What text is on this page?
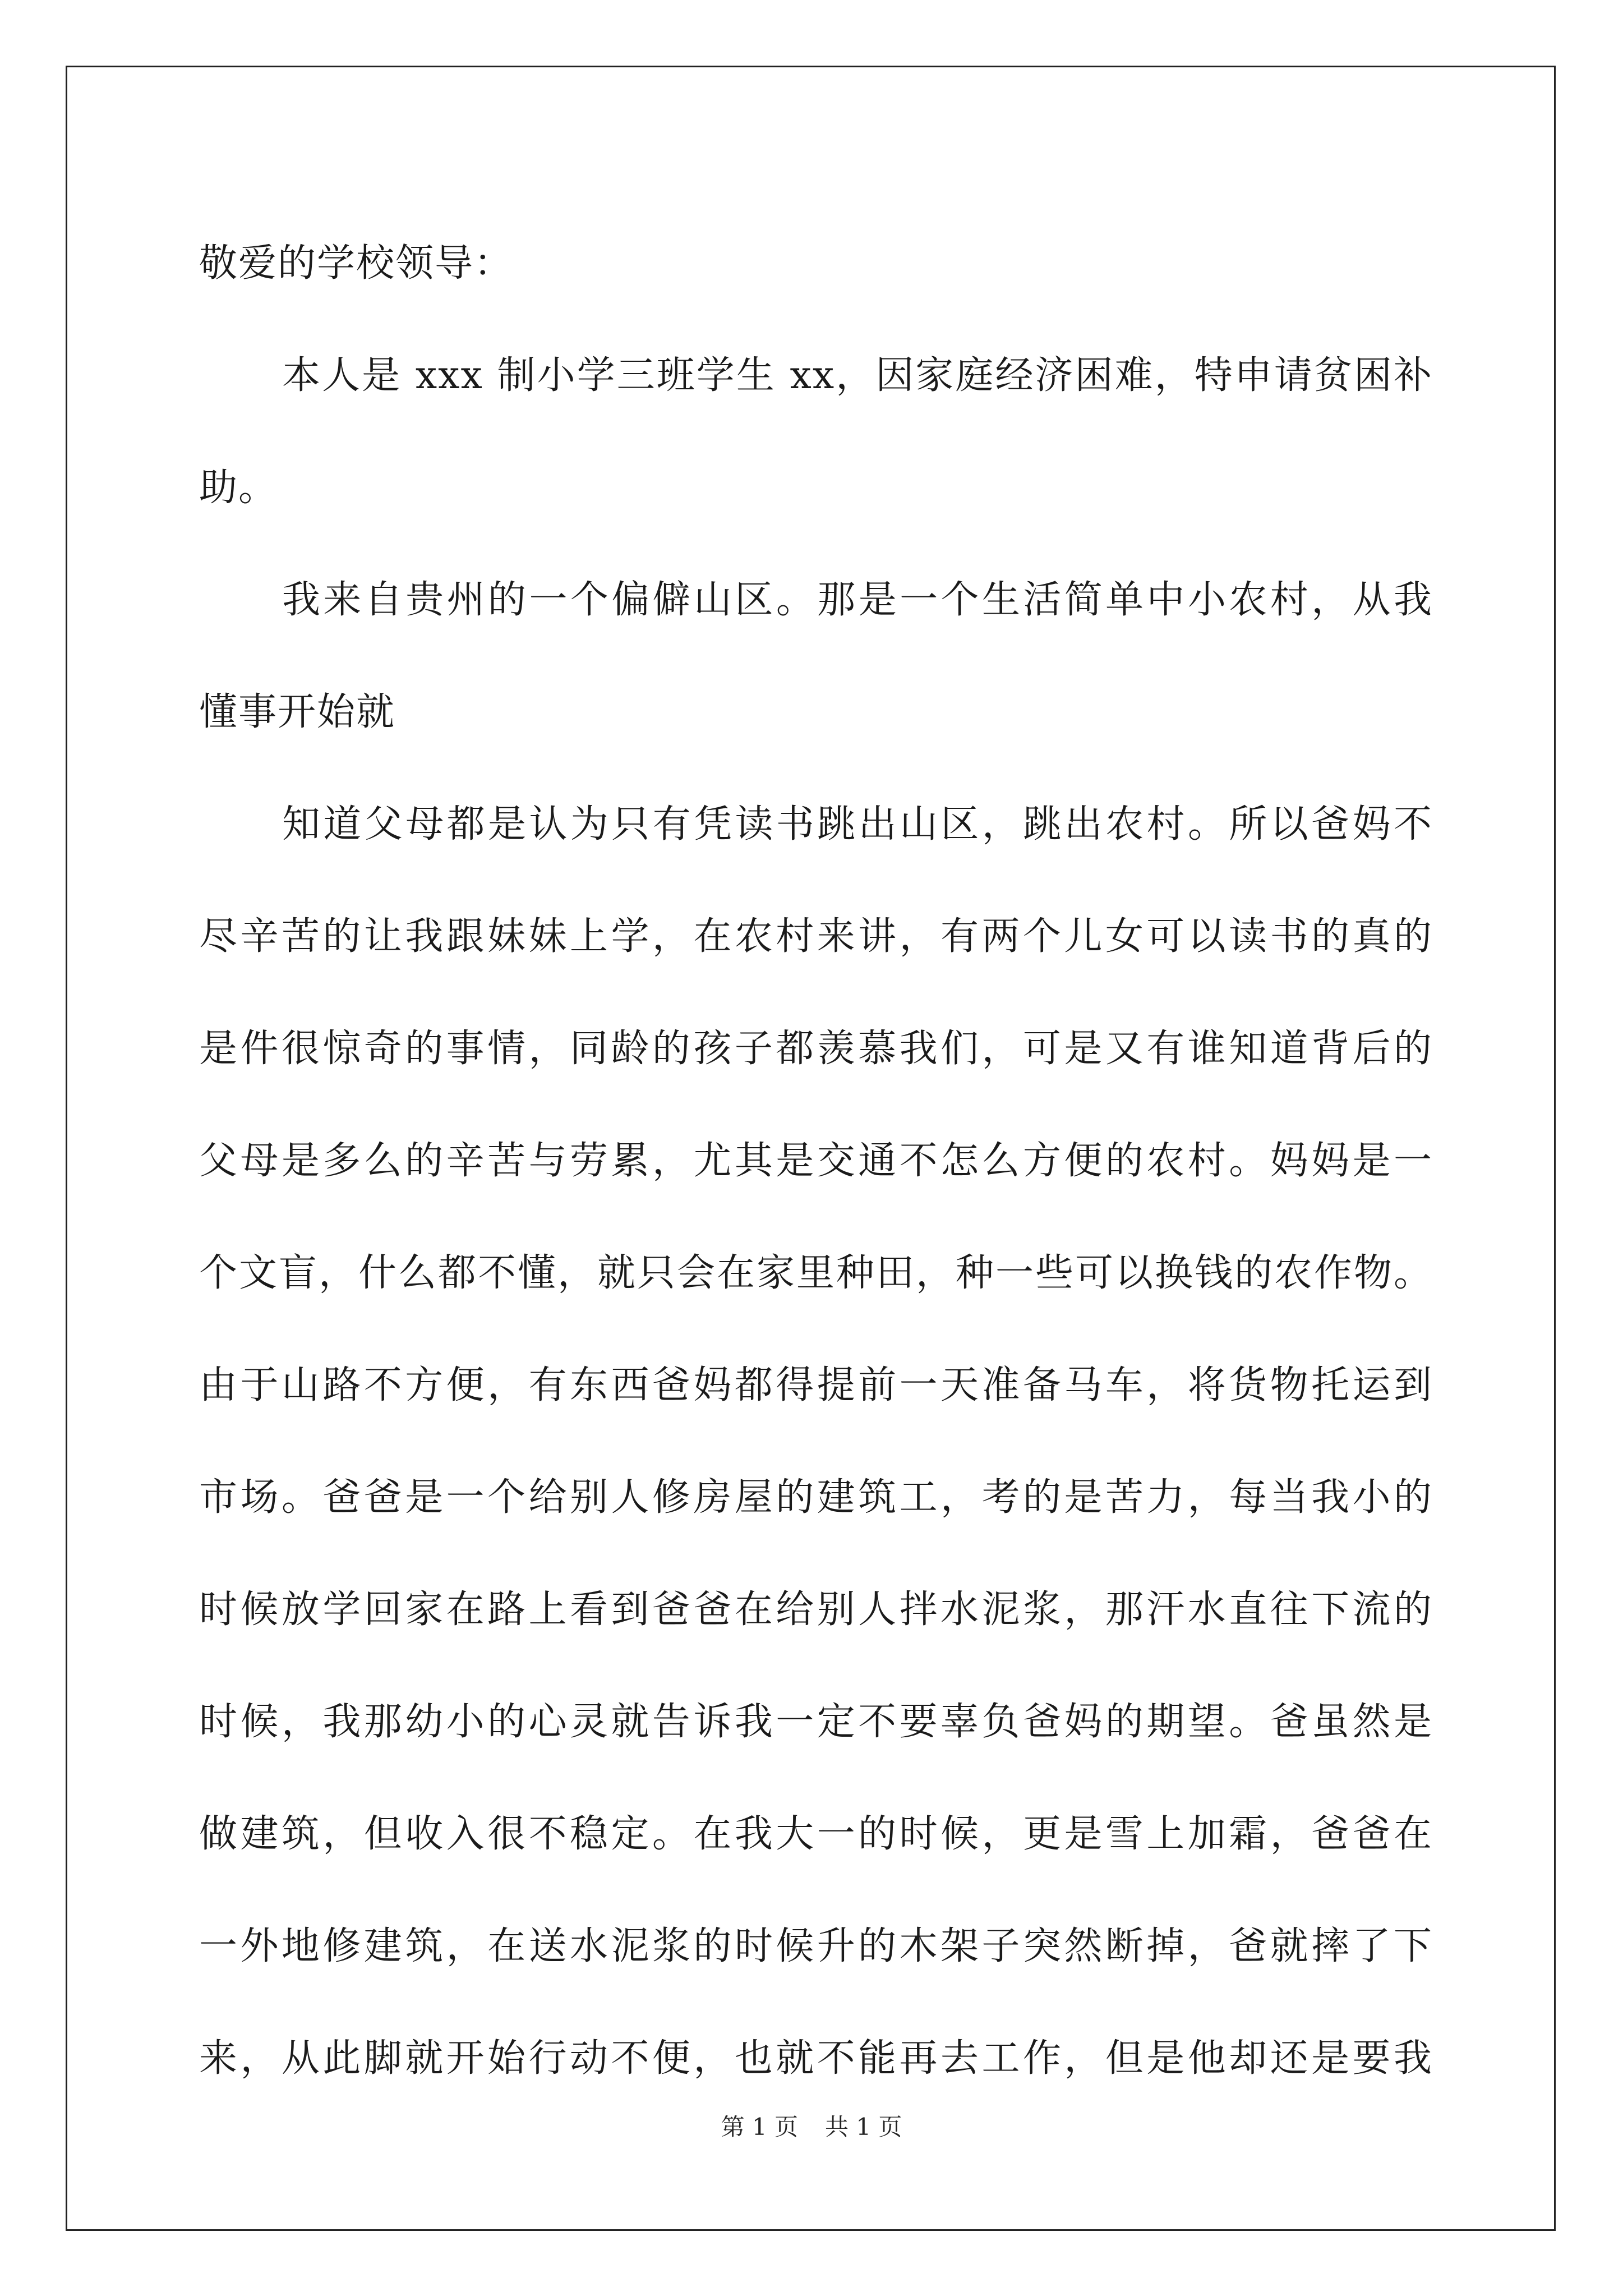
敬爱的学校领导：
本人是 xxx 制小学三班学生 xx，因家庭经济困难，特申请贫困补
助。
我来自贵州的一个偏僻山区。那是一个生活简单中小农村，从我
懂事开始就
知道父母都是认为只有凭读书跳出山区，跳出农村。所以爸妈不
尽辛苦的让我跟妹妹上学，在农村来讲，有两个儿女可以读书的真的
是件很惊奇的事情，同龄的孩子都羡慕我们，可是又有谁知道背后的
父母是多么的辛苦与劳累，尤其是交通不怎么方便的农村。妈妈是一
个文盲，什么都不懂，就只会在家里种田，种一些可以换钱的农作物。
由于山路不方便，有东西爸妈都得提前一天准备马车，将货物托运到
市场。爸爸是一个给别人修房屋的建筑工，考的是苦力，每当我小的
时候放学回家在路上看到爸爸在给别人拌水泥浆，那汗水直往下流的
时候，我那幼小的心灵就告诉我一定不要辜负爸妈的期望。爸虽然是
做建筑，但收入很不稳定。在我大一的时候，更是雪上加霜，爸爸在
一外地修建筑，在送水泥浆的时候升的木架子突然断掉，爸就摔了下
来，从此脚就开始行动不便，也就不能再去工作，但是他却还是要我
第 1 页 共 1 页
